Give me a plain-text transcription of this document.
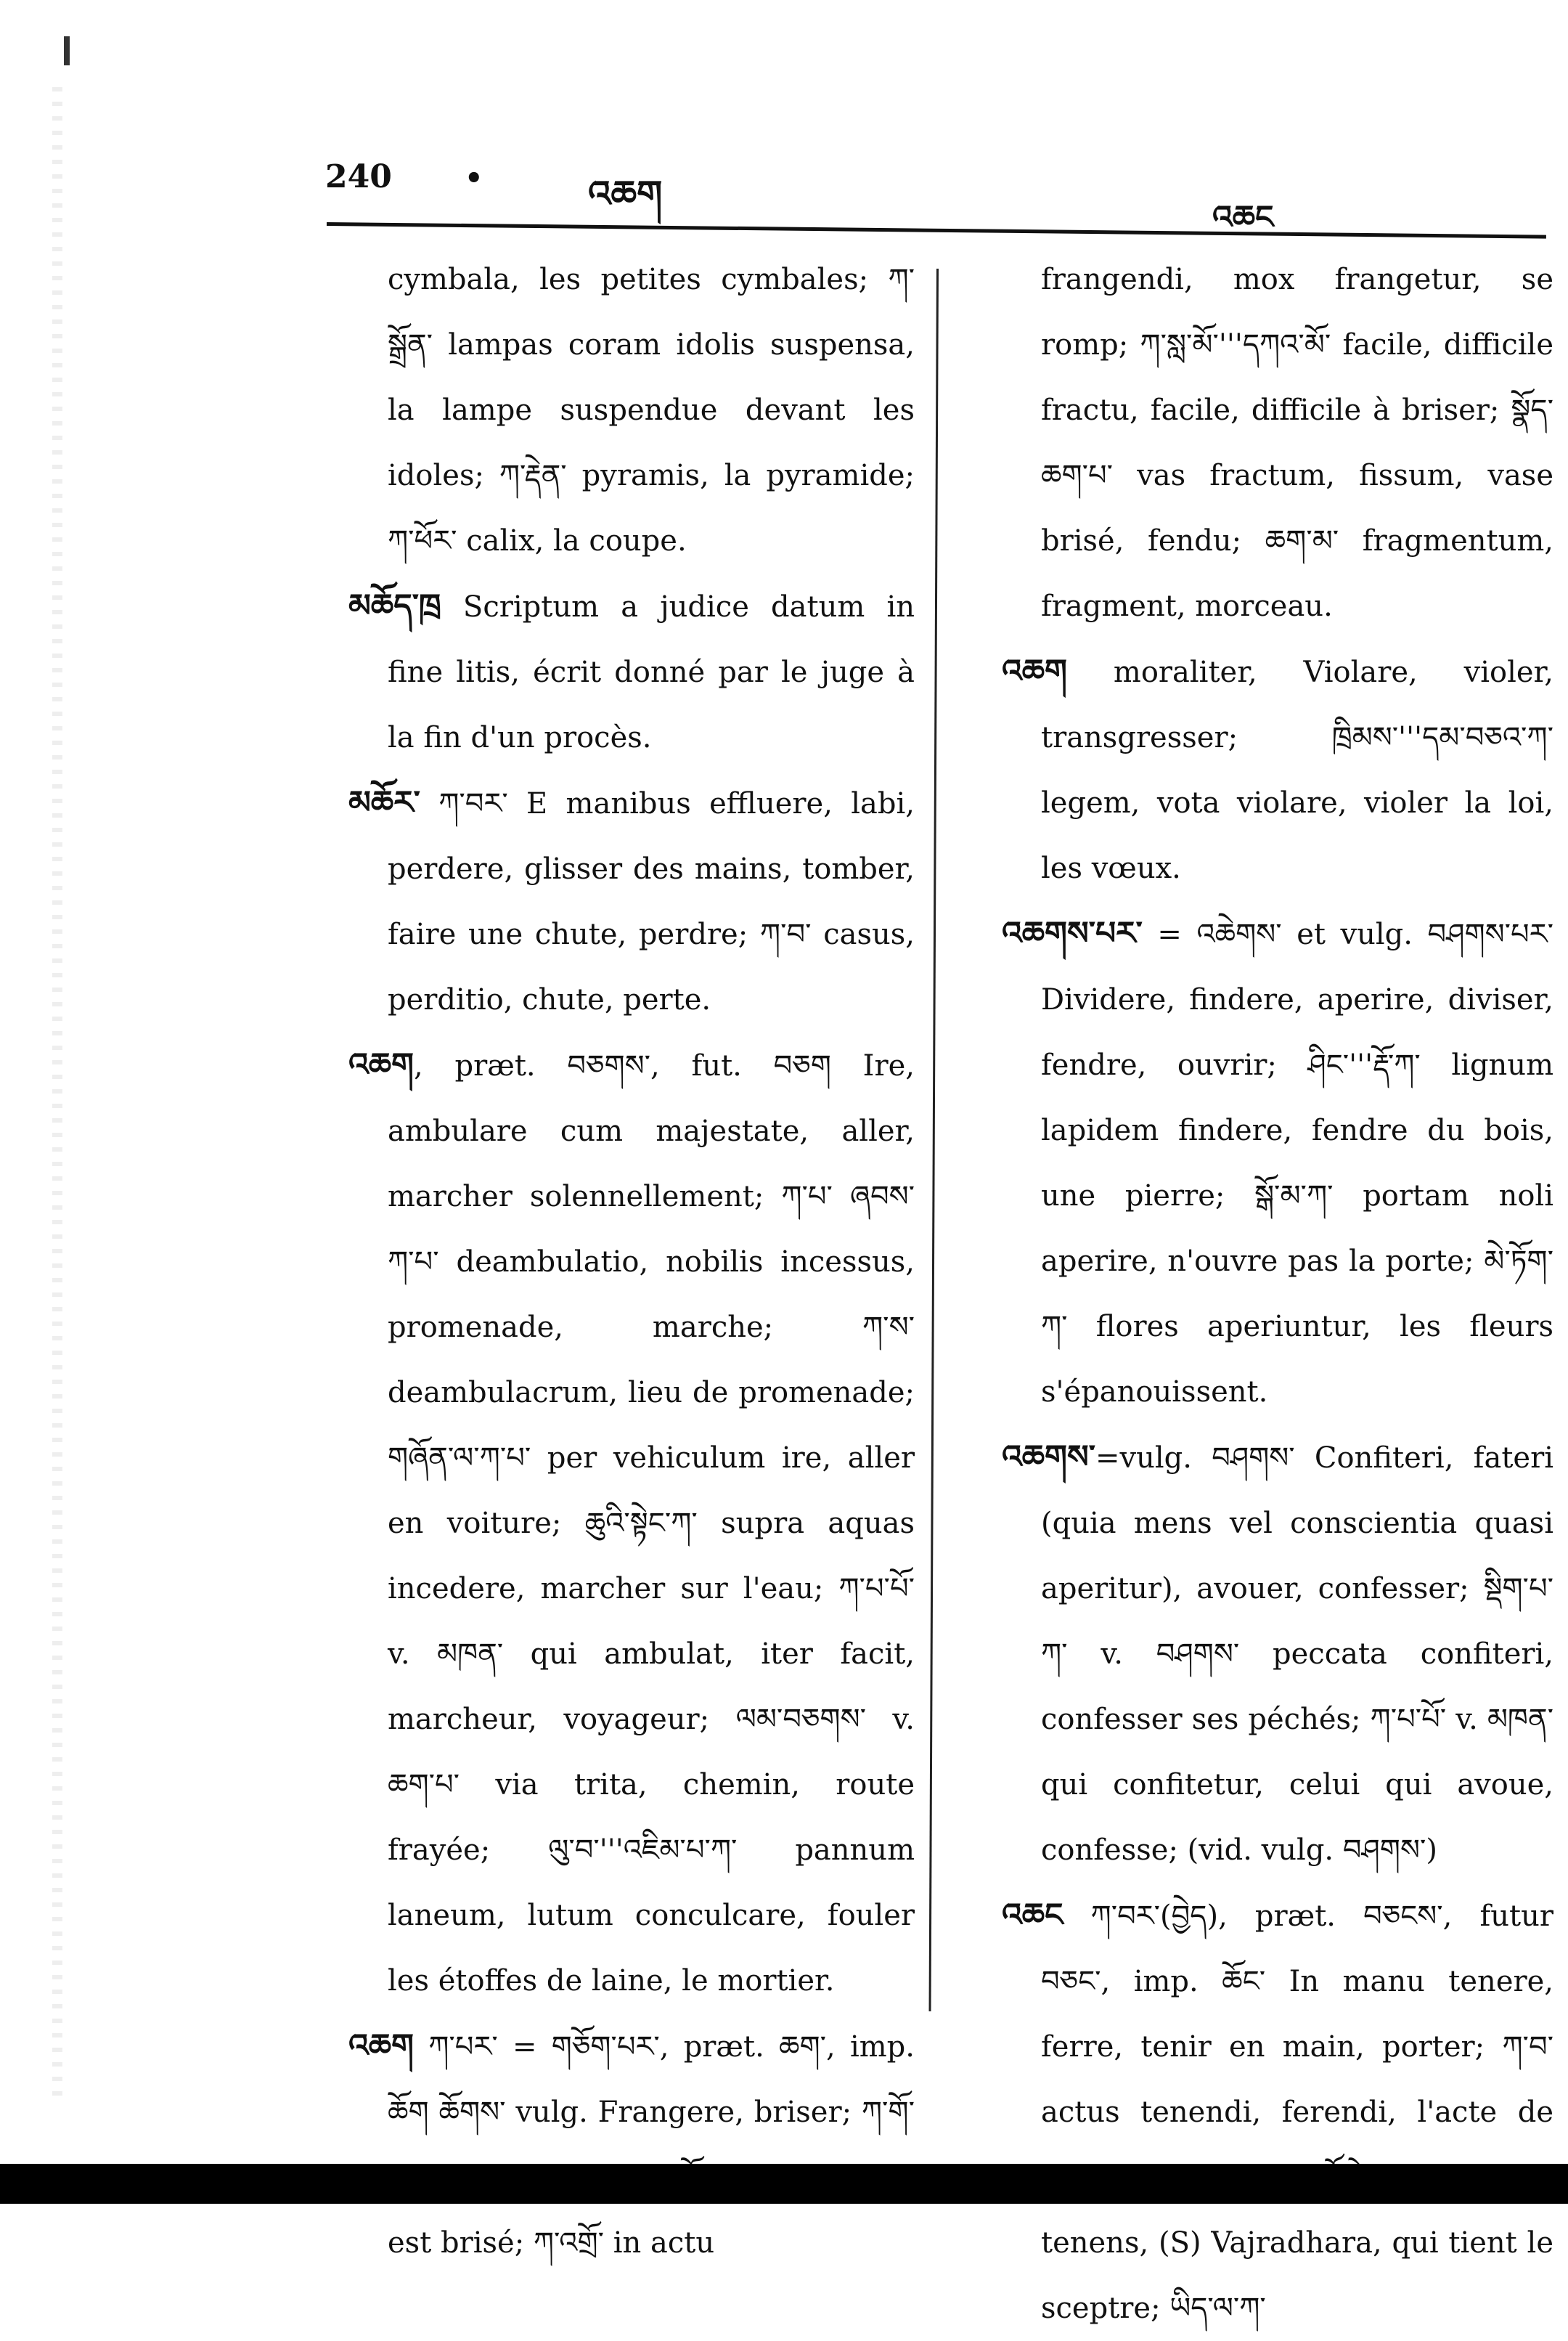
240	•	འཆག
འཆང

cymbala, les petites cymbales; ཀ་སྒྲོན་ lampas coram idolis suspensa, la lampe suspendue devant les idoles; ཀ་རྡེན་ pyramis, la pyramide; ཀ་ཕོར་ calix, la coupe.

མཆོད་ཁྲ Scriptum a judice datum in fine litis, écrit donné par le juge à la fin d'un procès.

མཆོར་ ཀ་བར་ E manibus effluere, labi, perdere, glisser des mains, tomber, faire une chute, perdre; ཀ་བ་ casus, perditio, chute, perte.

འཆག, præt. བཅགས་, fut. བཅག Ire, ambulare cum majestate, aller, marcher solennellement; ཀ་པ་ ཞབས་ཀ་པ་ deambulatio, nobilis incessus, promenade, marche; ཀ་ས་ deambulacrum, lieu de promenade; གཞོན་ལ་ཀ་པ་ per vehiculum ire, aller en voiture; ཆུའི་སྟེང་ཀ་ supra aquas incedere, marcher sur l'eau; ཀ་པ་པོ་ v. མཁན་ qui ambulat, iter facit, marcheur, voyageur; ལམ་བཅགས་ v. ཆག་པ་ via trita, chemin, route frayée; ལུ་བ་'''འཇིམ་པ་ཀ་ pannum laneum, lutum conculcare, fouler les étoffes de laine, le mortier.

འཆག ཀ་པར་ = གཅོག་པར་, præt. ཆག་, imp. ཆོག ཆོགས་ vulg. Frangere, briser; ཀ་གོ་ est brisé; ཀ་འགྲོ་ in actu

frangendi, mox frangetur, se romp; ཀ་སླ་མོ་'''དཀའ་མོ་ facile, difficile fractu, facile, difficile à briser; སྣོད་ཆག་པ་ vas fractum, fissum, vase brisé, fendu; ཆག་མ་ fragmentum, fragment, morceau.

འཆག moraliter, Violare, violer, transgresser; ཁྲིམས་'''དམ་བཅའ་ཀ་ legem, vota violare, violer la loi, les vœux.

འཆགས་པར་ = འཆེགས་ et vulg. བཤགས་པར་ Dividere, findere, aperire, diviser, fendre, ouvrir; ཤིང་'''རྡོ་ཀ་ lignum lapidem findere, fendre du bois, une pierre; སྒོ་མ་ཀ་ portam noli aperire, n'ouvre pas la porte; མེ་ཏོག་ཀ་ flores aperiuntur, les fleurs s'épanouissent.

འཆགས་=vulg. བཤགས་ Confiteri, fateri (quia mens vel conscientia quasi aperitur), avouer, confesser; སྡིག་པ་ཀ་ v. བཤགས་ peccata confiteri, confesser ses péchés; ཀ་པ་པོ་ v. མཁན་ qui confitetur, celui qui avoue, confesse; (vid. vulg. བཤགས་)

འཆང ཀ་བར་(བྱེད), præt. བཅངས་, futur བཅང་, imp. ཆོང་ In manu tenere, ferre, tenir en main, porter; ཀ་བ་ actus tenendi, ferendi, l'acte de tenens, (S) Vajradhara, qui tient le sceptre; ཡིད་ལ་ཀ་
